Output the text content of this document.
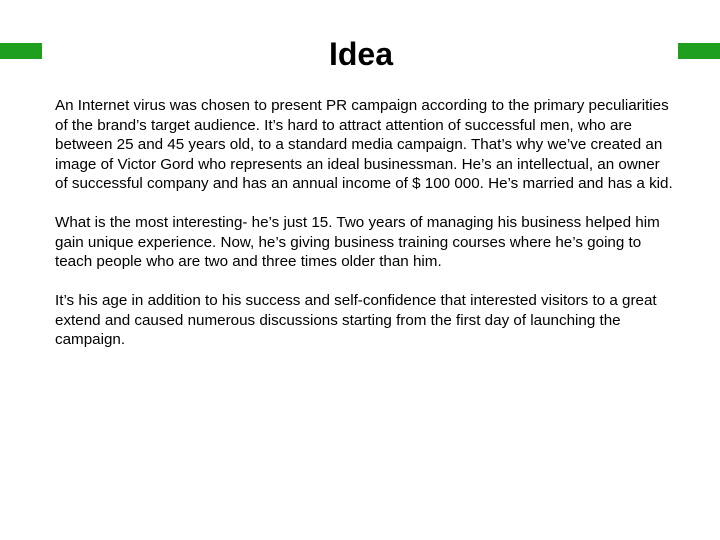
Idea

An Internet virus was chosen to present PR campaign according to the primary peculiarities of the brand’s target audience. It’s hard to attract attention of successful men, who are between 25 and 45 years old, to a standard media campaign. That’s why we’ve created an image of Victor Gord who represents an ideal businessman. He’s an intellectual, an owner of successful company and has an annual income of $ 100 000. He’s married and has a kid.

What is the most interesting- he’s just 15. Two years of managing his business helped him gain unique experience. Now, he’s giving business training courses where he’s going to teach people who are two and three times older than him.

It’s his age in addition to his success and self-confidence that interested visitors to a great extend and caused numerous discussions starting from the first day of launching the campaign.
